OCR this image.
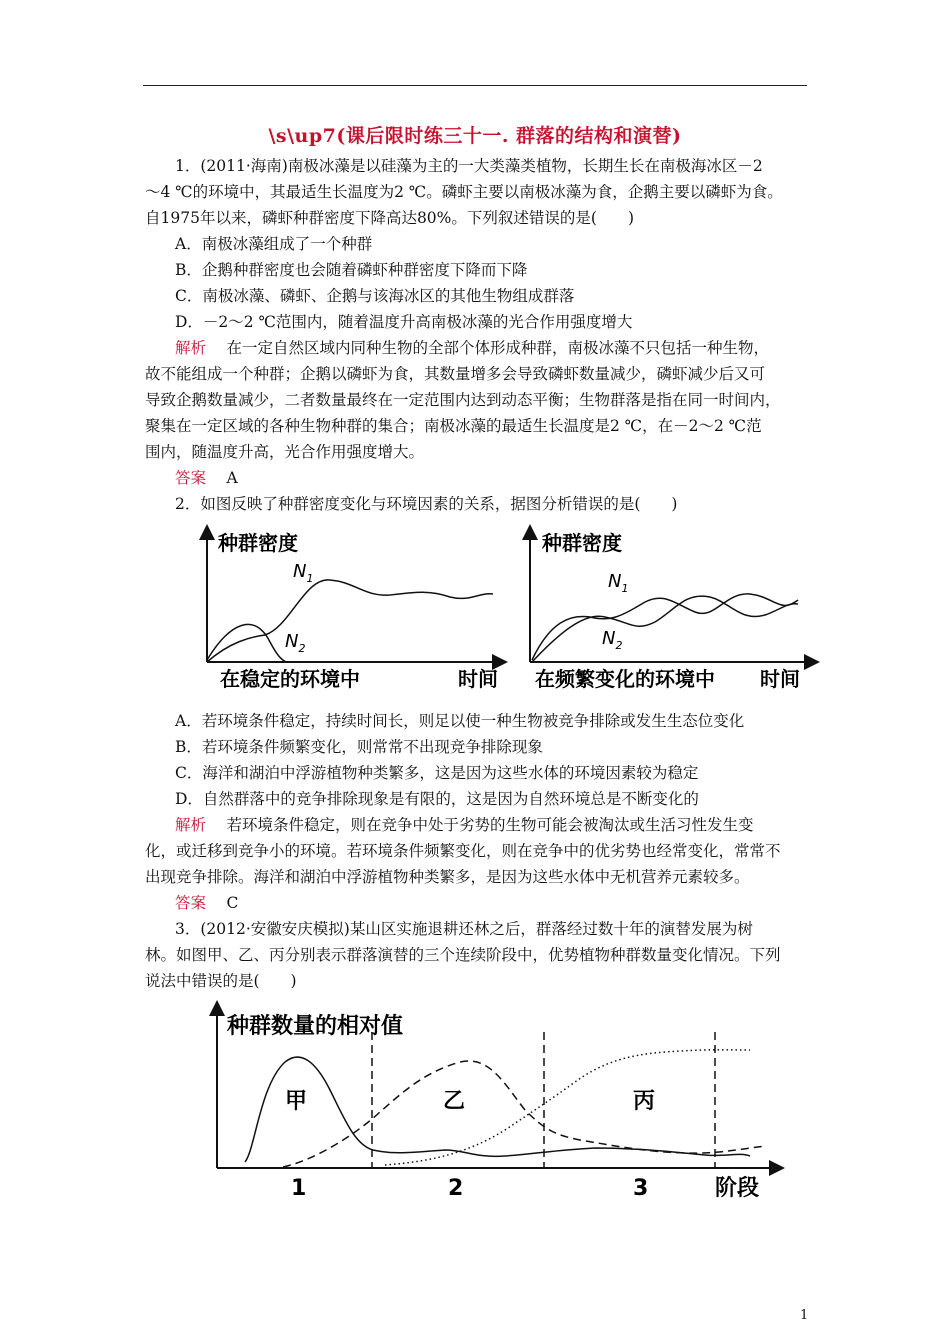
\s\up7(课后限时练三十一. 群落的结构和演替)
1．(2011·海南)南极冰藻是以硅藻为主的一大类藻类植物，长期生长在南极海冰区－2
～4 ℃的环境中，其最适生长温度为2 ℃。磷虾主要以南极冰藻为食，企鹅主要以磷虾为食。
自1975年以来，磷虾种群密度下降高达80%。下列叙述错误的是(　　)
A．南极冰藻组成了一个种群
B．企鹅种群密度也会随着磷虾种群密度下降而下降
C．南极冰藻、磷虾、企鹅与该海冰区的其他生物组成群落
D．－2～2 ℃范围内，随着温度升高南极冰藻的光合作用强度增大
解析　 在一定自然区域内同种生物的全部个体形成种群，南极冰藻不只包括一种生物，
故不能组成一个种群；企鹅以磷虾为食，其数量增多会导致磷虾数量减少，磷虾减少后又可
导致企鹅数量减少，二者数量最终在一定范围内达到动态平衡；生物群落是指在同一时间内，
聚集在一定区域的各种生物种群的集合；南极冰藻的最适生长温度是2 ℃，在－2～2 ℃范
围内，随温度升高，光合作用强度增大。
答案　 A
2．如图反映了种群密度变化与环境因素的关系，据图分析错误的是(　　)
种群密度
$N_1$
$N_2$
在稳定的环境中	时间
种群密度
$N_1$
$N_2$
在频繁变化的环境中 时间
A．若环境条件稳定，持续时间长，则足以使一种生物被竞争排除或发生生态位变化
B．若环境条件频繁变化，则常常不出现竞争排除现象
C．海洋和湖泊中浮游植物种类繁多，这是因为这些水体的环境因素较为稳定
D．自然群落中的竞争排除现象是有限的，这是因为自然环境总是不断变化的
解析　 若环境条件稳定，则在竞争中处于劣势的生物可能会被淘汰或生活习性发生变
化，或迁移到竞争小的环境。若环境条件频繁变化，则在竞争中的优劣势也经常变化，常常不
出现竞争排除。海洋和湖泊中浮游植物种类繁多，是因为这些水体中无机营养元素较多。
答案　 C
3．(2012·安徽安庆模拟)某山区实施退耕还林之后，群落经过数十年的演替发展为树
林。如图甲、乙、丙分别表示群落演替的三个连续阶段中，优势植物种群数量变化情况。下列
说法中错误的是(　　)
种群数量的相对值
甲	乙	丙
1	2	3	阶段
1
